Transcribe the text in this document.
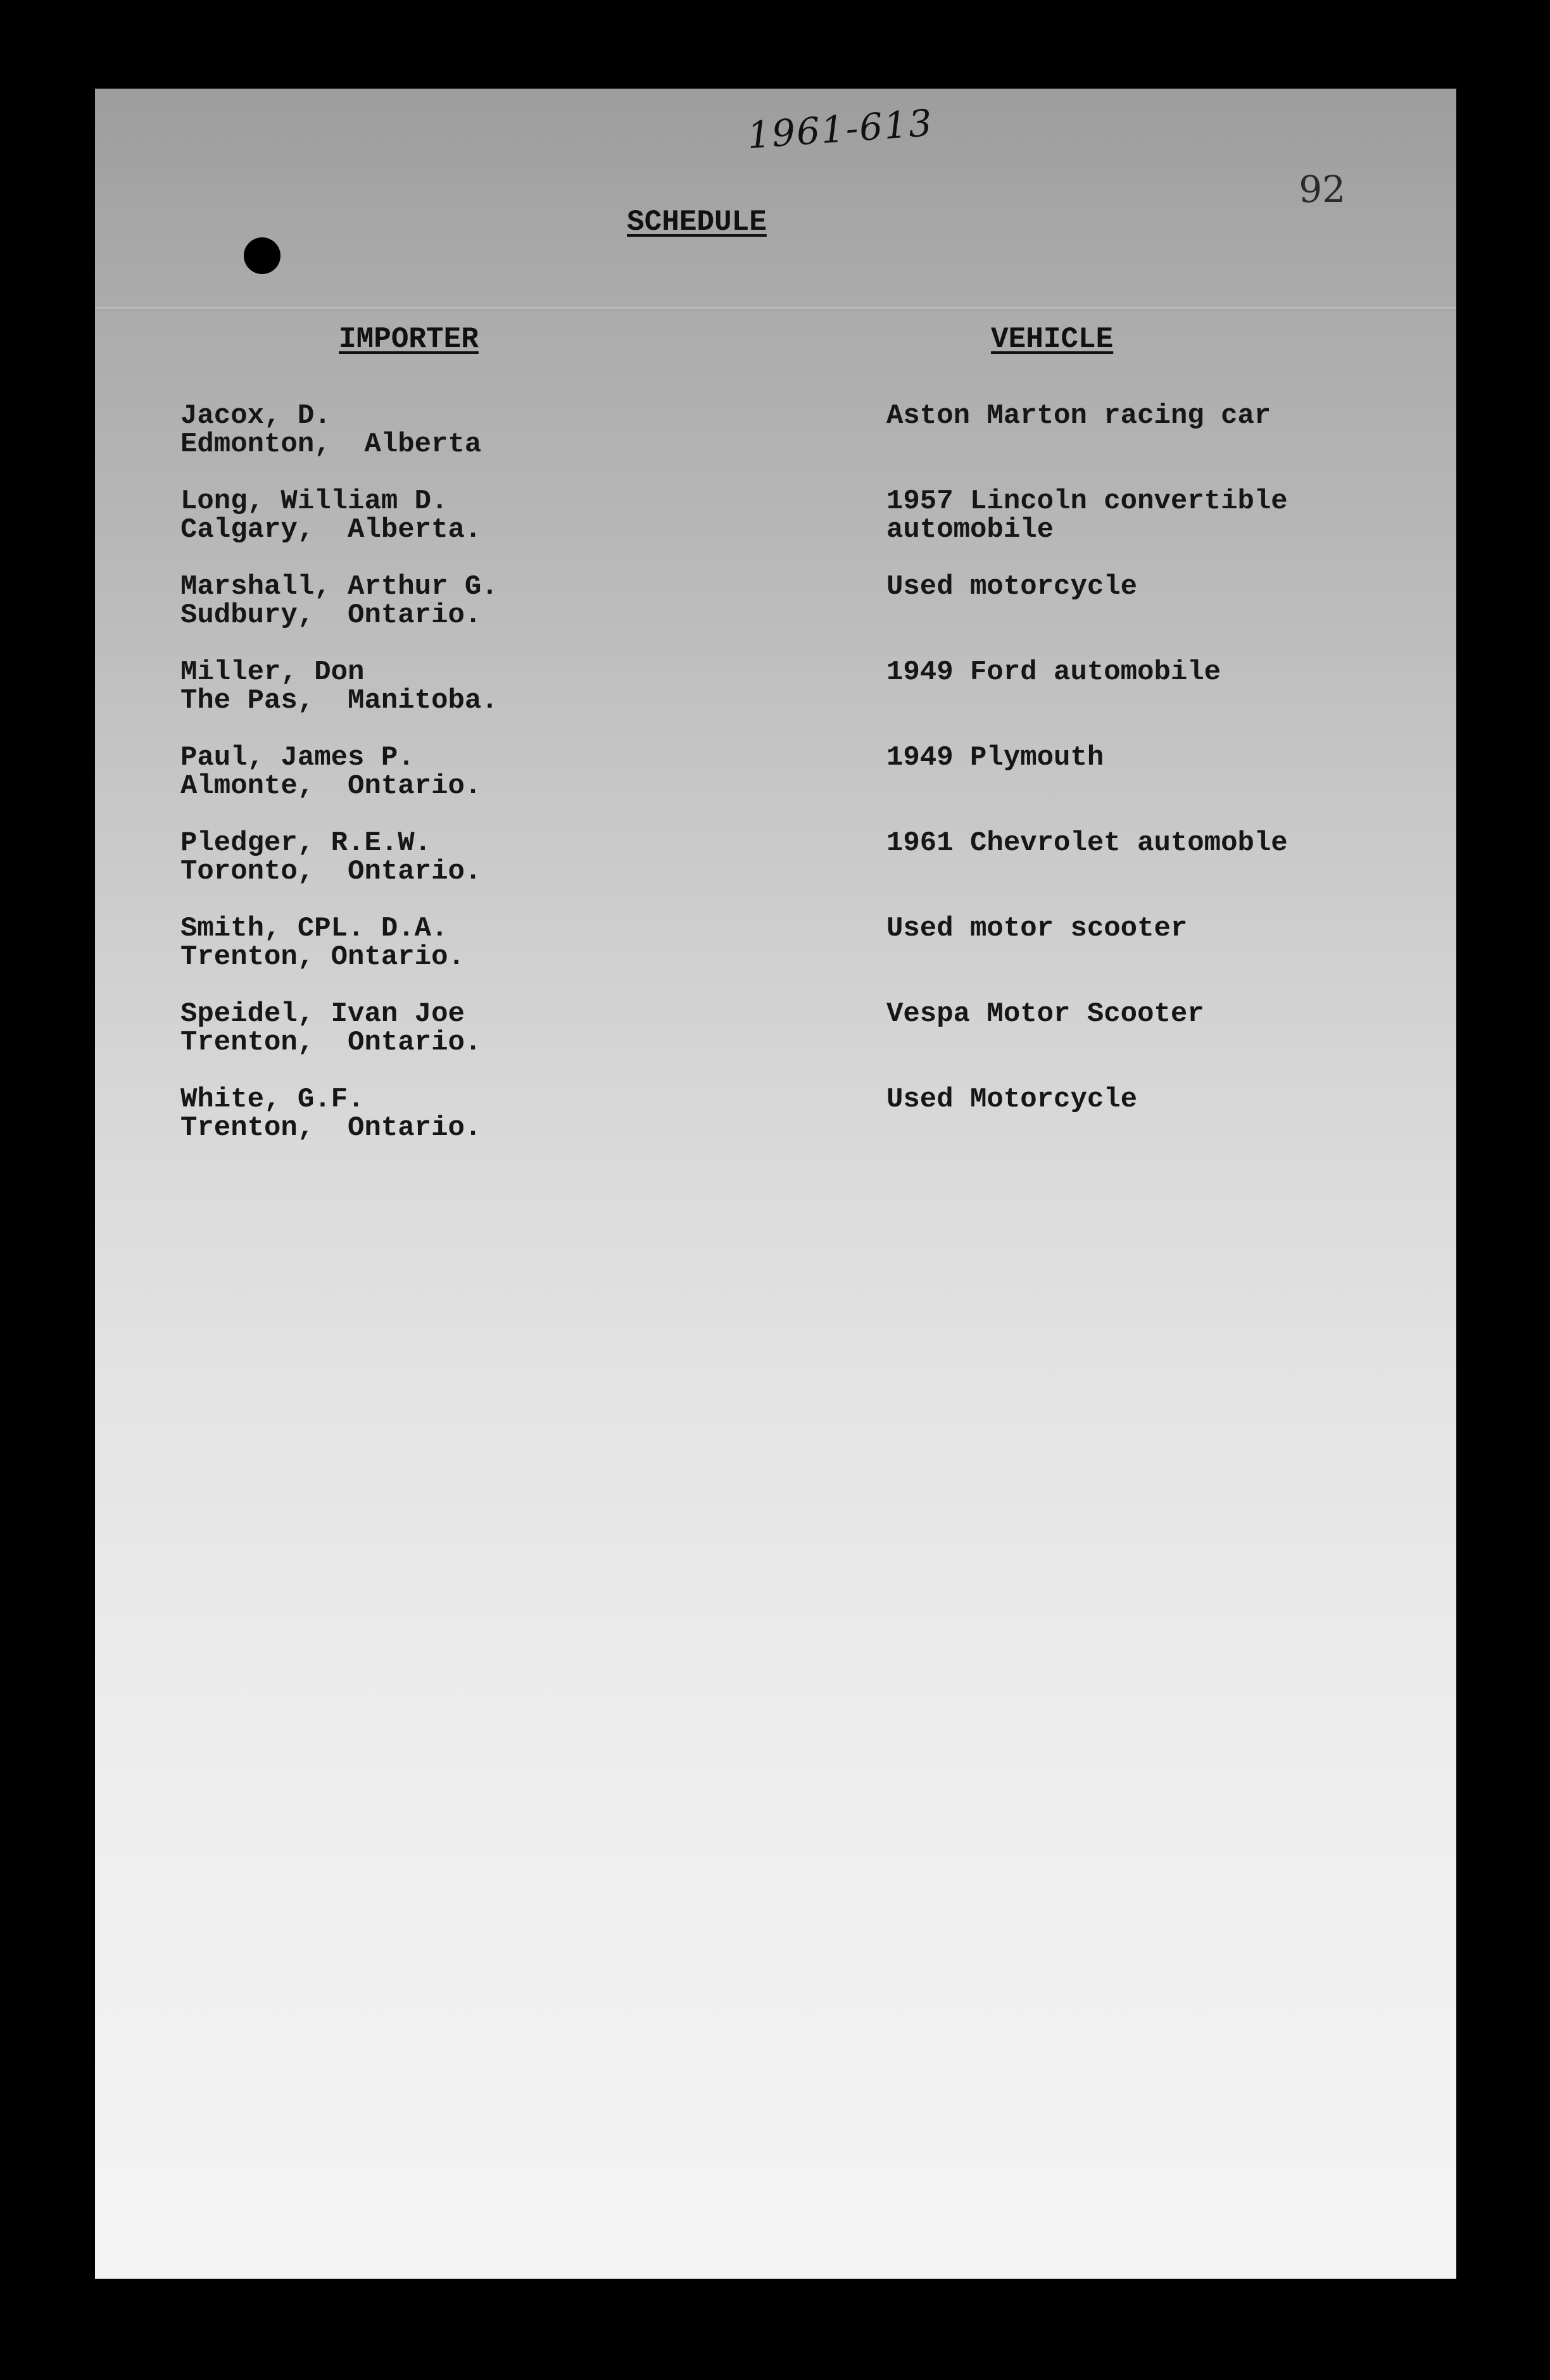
1961-613
92
SCHEDULE
IMPORTER	VEHICLE
Jacox, D.
Edmonton,  Alberta
Aston Marton racing car
Long, William D.
Calgary,  Alberta.
1957 Lincoln convertible
automobile
Marshall, Arthur G.
Sudbury,  Ontario.
Used motorcycle
Miller, Don
The Pas,  Manitoba.
1949 Ford automobile
Paul, James P.
Almonte,  Ontario.
1949 Plymouth
Pledger, R.E.W.
Toronto,  Ontario.
1961 Chevrolet automoble
Smith, CPL. D.A.
Trenton, Ontario.
Used motor scooter
Speidel, Ivan Joe
Trenton,  Ontario.
Vespa Motor Scooter
White, G.F.
Trenton,  Ontario.
Used Motorcycle
